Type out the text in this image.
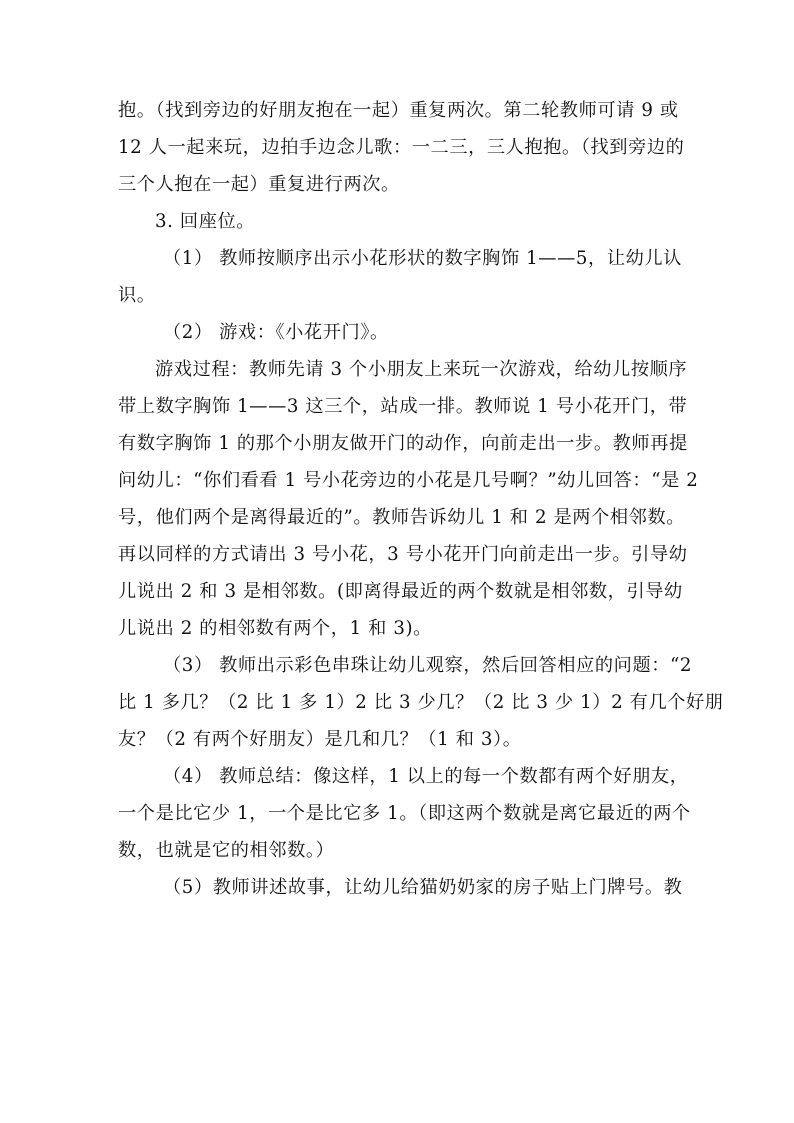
抱。（找到旁边的好朋友抱在一起）重复两次。第二轮教师可请 9 或
12 人一起来玩，边拍手边念儿歌：一二三，三人抱抱。（找到旁边的
三个人抱在一起）重复进行两次。
3. 回座位。
（1） 教师按顺序出示小花形状的数字胸饰 1——5，让幼儿认
识。
（2） 游戏：《小花开门》。
游戏过程：教师先请 3 个小朋友上来玩一次游戏，给幼儿按顺序
带上数字胸饰 1——3 这三个，站成一排。教师说 1 号小花开门，带
有数字胸饰 1 的那个小朋友做开门的动作，向前走出一步。教师再提
问幼儿：“你们看看 1 号小花旁边的小花是几号啊？”幼儿回答：“是 2
号，他们两个是离得最近的”。教师告诉幼儿 1 和 2 是两个相邻数。
再以同样的方式请出 3 号小花，3 号小花开门向前走出一步。引导幼
儿说出 2 和 3 是相邻数。(即离得最近的两个数就是相邻数，引导幼
儿说出 2 的相邻数有两个，1 和 3)。
（3） 教师出示彩色串珠让幼儿观察，然后回答相应的问题：“2
比 1 多几？（2 比 1 多 1）2 比 3 少几？（2 比 3 少 1）2 有几个好朋
友？（2 有两个好朋友）是几和几？（1 和 3）。
（4） 教师总结：像这样，1 以上的每一个数都有两个好朋友，
一个是比它少 1，一个是比它多 1。（即这两个数就是离它最近的两个
数，也就是它的相邻数。）
（5）教师讲述故事，让幼儿给猫奶奶家的房子贴上门牌号。教
